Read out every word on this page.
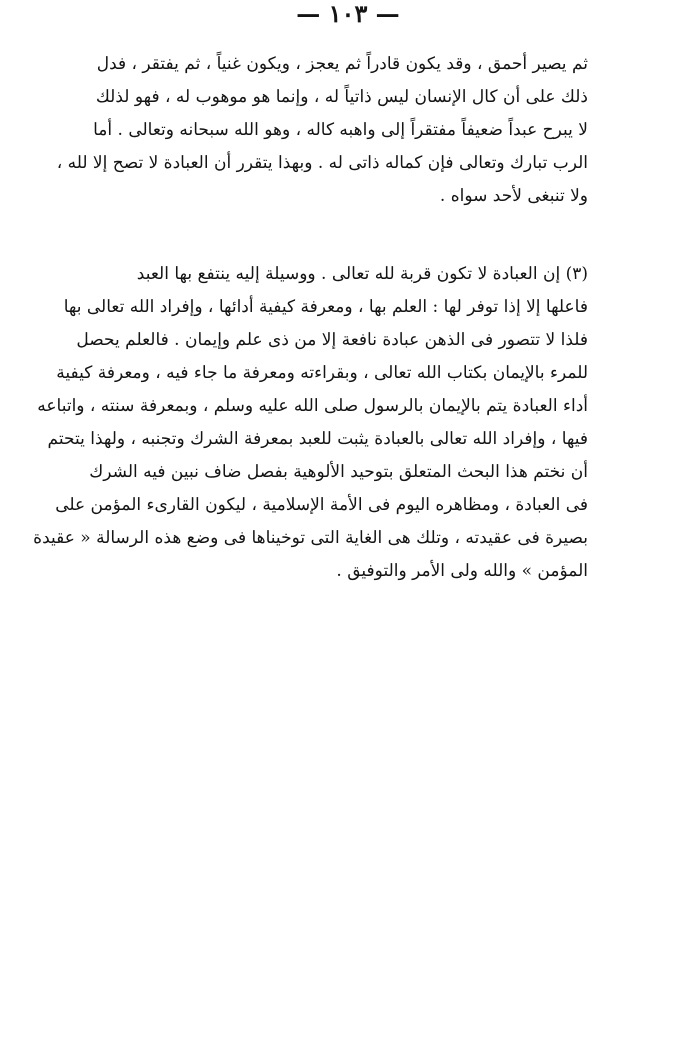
— ١٠٣ —
ثم يصير أحمق ، وقد يكون قادراً ثم يعجز ، ويكون غنياً ، ثم يفتقر ، فدل
ذلك على أن كال الإنسان ليس ذاتياً له ، وإنما هو موهوب له ، فهو لذلك
لا يبرح عبداً ضعيفاً مفتقراً إلى واهبه كاله ، وهو الله سبحانه وتعالى . أما
الرب تبارك وتعالى فإن كماله ذاتى له . وبهذا يتقرر أن العبادة لا تصح إلا لله ،
ولا تنبغى لأحد سواه .
(٣) إن العبادة لا تكون قربة لله تعالى . ووسيلة إليه ينتفع بها العبد
فاعلها إلا إذا توفر لها : العلم بها ، ومعرفة كيفية أدائها ، وإفراد الله تعالى بها
فلذا لا تتصور فى الذهن عبادة نافعة إلا من ذى علم وإيمان . فالعلم يحصل
للمرء بالإيمان بكتاب الله تعالى ، وبقراءته ومعرفة ما جاء فيه ، ومعرفة كيفية
أداء العبادة يتم بالإيمان بالرسول صلى الله عليه وسلم ، وبمعرفة سنته ، واتباعه
فيها ، وإفراد الله تعالى بالعبادة يثبت للعبد بمعرفة الشرك وتجنبه ، ولهذا يتحتم
أن نختم هذا البحث المتعلق بتوحيد الألوهية بفصل ضاف نبين فيه الشرك
فى العبادة ، ومظاهره اليوم فى الأمة الإسلامية ، ليكون القارىء المؤمن على
بصيرة فى عقيدته ، وتلك هى الغاية التى توخيناها فى وضع هذه الرسالة « عقيدة
المؤمن » والله ولى الأمر والتوفيق .
